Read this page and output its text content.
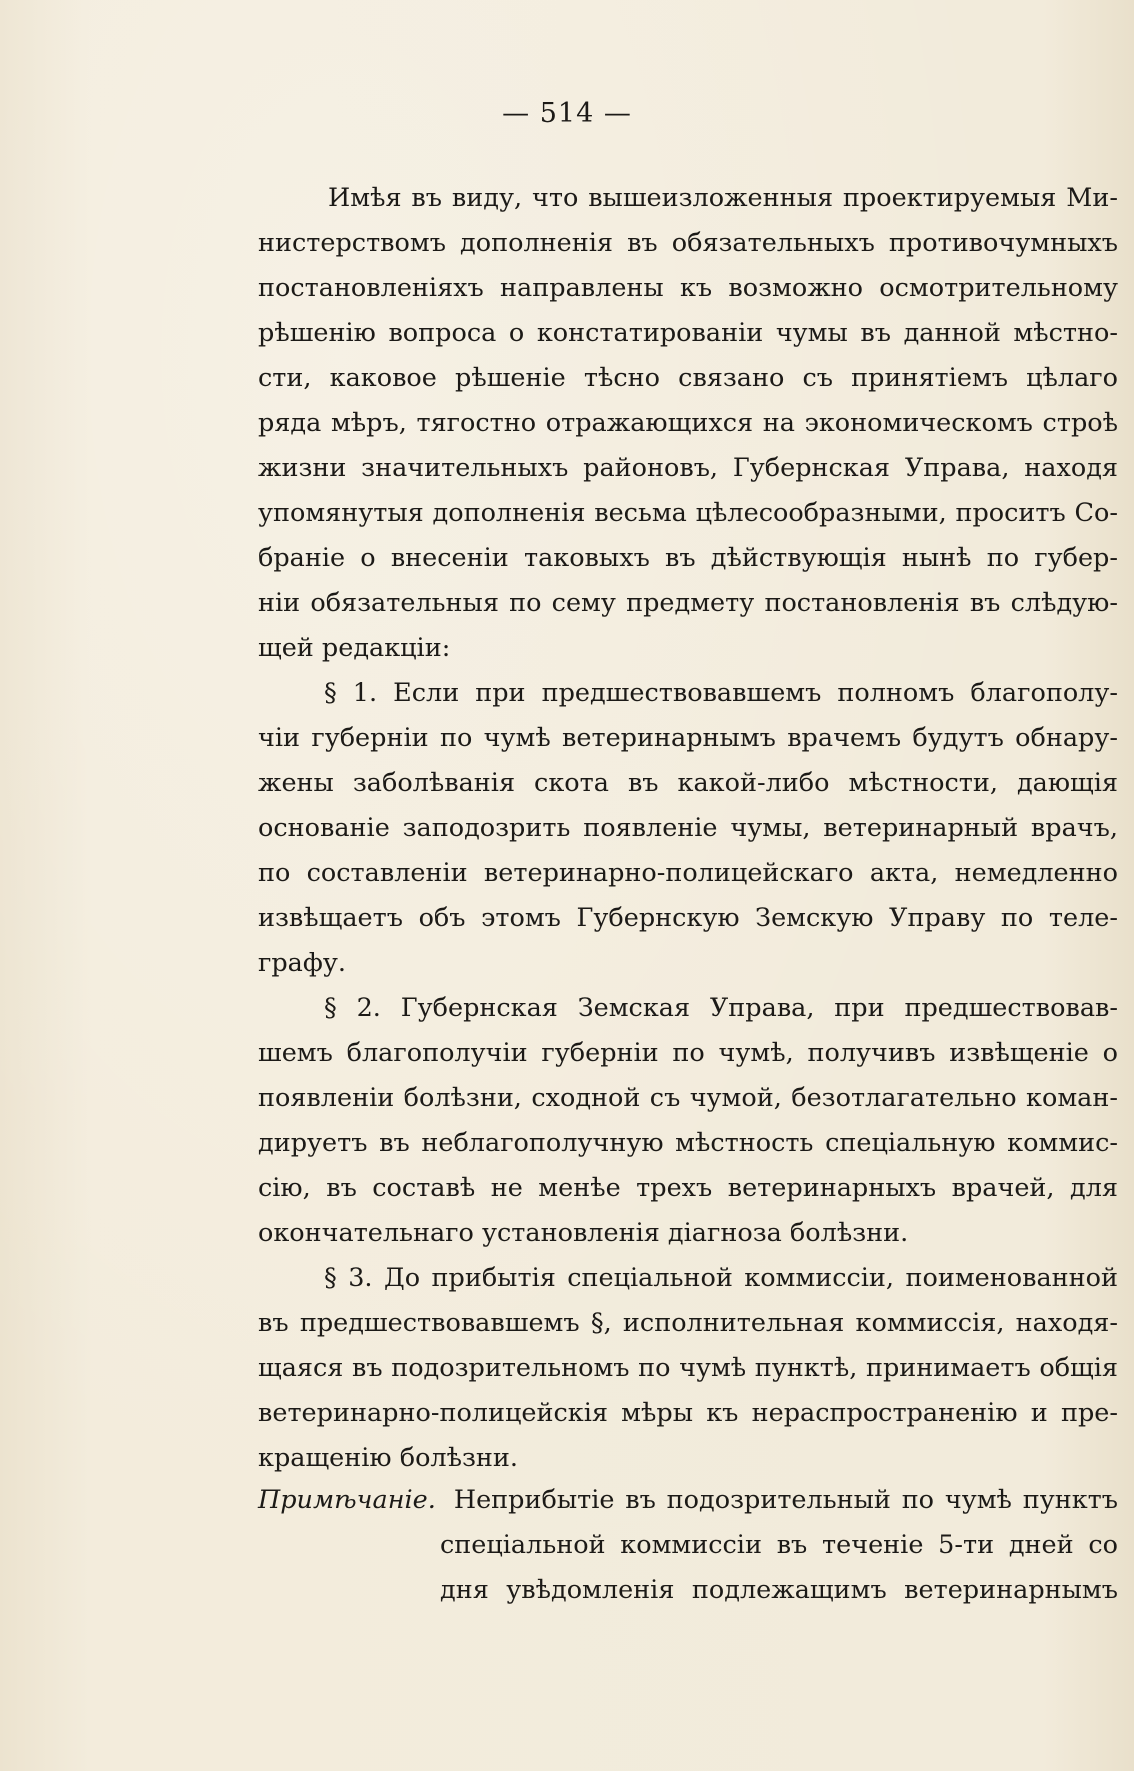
— 514 —
Имѣя въ виду, что вышеизложенныя проектируемыя Ми-
нистерствомъ дополненія въ обязательныхъ противочумныхъ
постановленіяхъ направлены къ возможно осмотрительному
рѣшенію вопроса о констатированіи чумы въ данной мѣстно-
сти, каковое рѣшеніе тѣсно связано съ принятіемъ цѣлаго
ряда мѣръ, тягостно отражающихся на экономическомъ строѣ
жизни значительныхъ районовъ, Губернская Управа, находя
упомянутыя дополненія весьма цѣлесообразными, проситъ Со-
браніе о внесеніи таковыхъ въ дѣйствующія нынѣ по губер-
ніи обязательныя по сему предмету постановленія въ слѣдую-
щей редакціи:
§ 1. Если при предшествовавшемъ полномъ благополу-
чіи губерніи по чумѣ ветеринарнымъ врачемъ будутъ обнару-
жены заболѣванія скота въ какой-либо мѣстности, дающія
основаніе заподозрить появленіе чумы, ветеринарный врачъ,
по составленіи ветеринарно-полицейскаго акта, немедленно
извѣщаетъ объ этомъ Губернскую Земскую Управу по теле-
графу.
§ 2. Губернская Земская Управа, при предшествовав-
шемъ благополучіи губерніи по чумѣ, получивъ извѣщеніе о
появленіи болѣзни, сходной съ чумой, безотлагательно коман-
дируетъ въ неблагополучную мѣстность спеціальную коммис-
сію, въ составѣ не менѣе трехъ ветеринарныхъ врачей, для
окончательнаго установленія діагноза болѣзни.
§ 3. До прибытія спеціальной коммиссіи, поименованной
въ предшествовавшемъ §, исполнительная коммиссія, находя-
щаяся въ подозрительномъ по чумѣ пунктѣ, принимаетъ общія
ветеринарно-полицейскія мѣры къ нераспространенію и пре-
кращенію болѣзни.
Примѣчаніе. Неприбытіе въ подозрительный по чумѣ пунктъ
спеціальной коммиссіи въ теченіе 5-ти дней со
дня увѣдомленія подлежащимъ ветеринарнымъ
